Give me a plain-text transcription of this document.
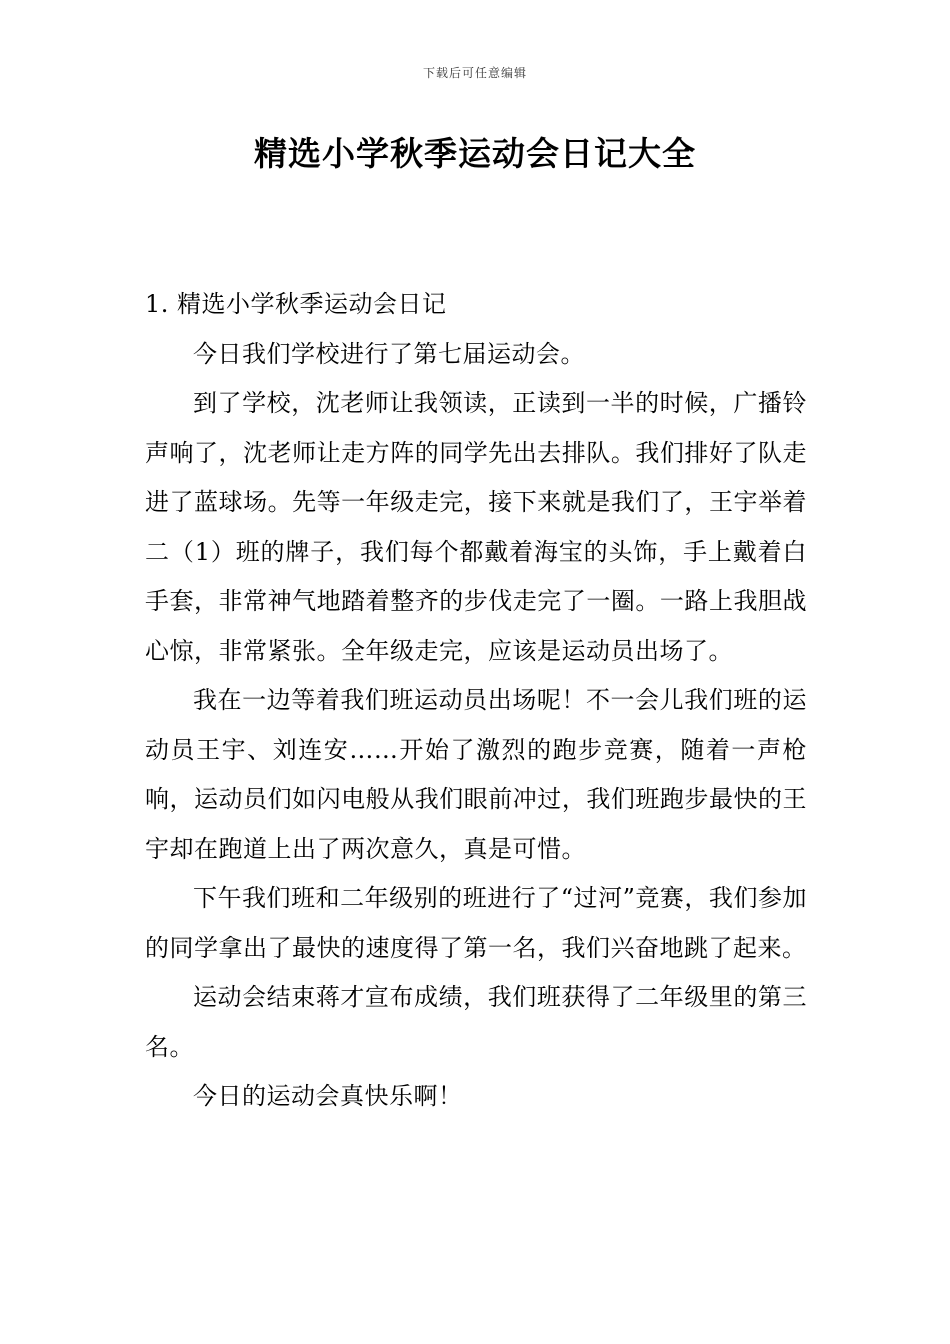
下载后可任意编辑
精选小学秋季运动会日记大全
1. 精选小学秋季运动会日记

今日我们学校进行了第七届运动会。

到了学校，沈老师让我领读，正读到一半的时候，广播铃声响了，沈老师让走方阵的同学先出去排队。我们排好了队走进了蓝球场。先等一年级走完，接下来就是我们了，王宇举着二（1）班的牌子，我们每个都戴着海宝的头饰，手上戴着白手套，非常神气地踏着整齐的步伐走完了一圈。一路上我胆战心惊，非常紧张。全年级走完，应该是运动员出场了。

我在一边等着我们班运动员出场呢！不一会儿我们班的运动员王宇、刘连安……开始了激烈的跑步竞赛，随着一声枪响，运动员们如闪电般从我们眼前冲过，我们班跑步最快的王宇却在跑道上出了两次意久，真是可惜。

下午我们班和二年级别的班进行了“过河”竞赛，我们参加的同学拿出了最快的速度得了第一名，我们兴奋地跳了起来。

运动会结束蒋才宣布成绩，我们班获得了二年级里的第三名。

今日的运动会真快乐啊！
